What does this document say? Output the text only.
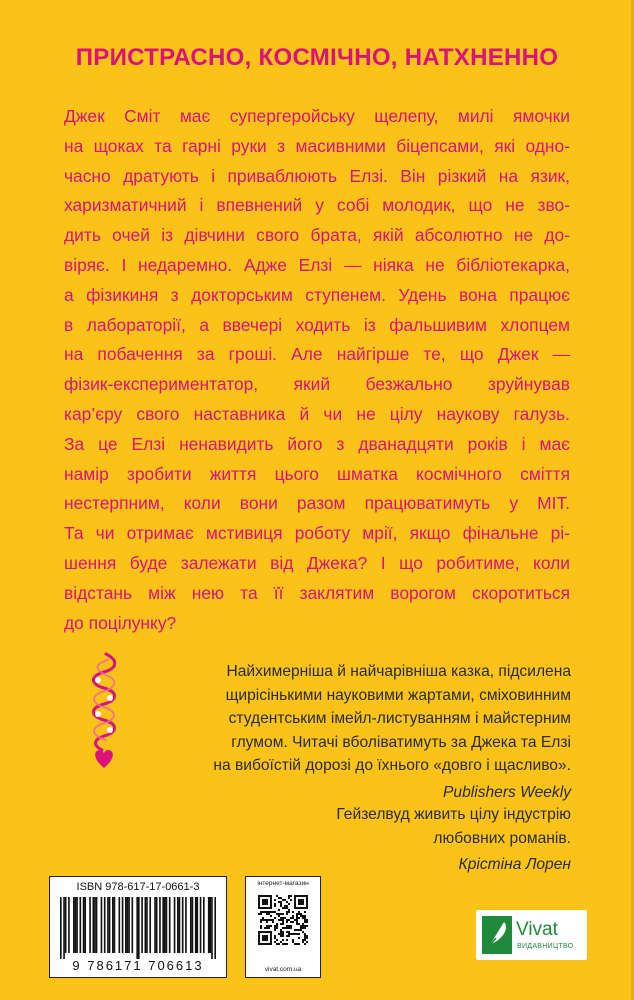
ПРИСТРАСНО, КОСМІЧНО, НАТХНЕННО
Джек Сміт має супергеройську щелепу, милі ямочки
на щоках та гарні руки з масивними біцепсами, які одно-
часно дратують і приваблюють Елзі. Він різкий на язик,
харизматичний і впевнений у собі молодик, що не зво-
дить очей із дівчини свого брата, якій абсолютно не до-
віряє. І недаремно. Адже Елзі — ніяка не бібліотекарка,
а фізикиня з докторським ступенем. Удень вона працює
в лабораторії, а ввечері ходить із фальшивим хлопцем
на побачення за гроші. Але найгірше те, що Джек —
фізик-експериментатор, який безжально зруйнував
кар’єру свого наставника й чи не цілу наукову галузь.
За це Елзі ненавидить його з дванадцяти років і має
намір зробити життя цього шматка космічного сміття
нестерпним, коли вони разом працюватимуть у MIT.
Та чи отримає мстивиця роботу мрії, якщо фінальне рі-
шення буде залежати від Джека? І що робитиме, коли
відстань між нею та її заклятим ворогом скоротиться
до поцілунку?
Найхимерніша й найчарівніша казка, підсилена
щирісінькими науковими жартами, сміховинним
студентським імейл-листуванням і майстерним
глумом. Читачі вболіватимуть за Джека та Елзі
на вибоїстій дорозі до їхнього «довго і щасливо».
Publishers Weekly
Гейзелвуд живить цілу індустрію
любовних романів.
Крістіна Лорен
ISBN 978-617-17-0661-3
9 786171 706613
інтернет-магазин
vivat.com.ua
Vivat
ВИДАВНИЦТВО
